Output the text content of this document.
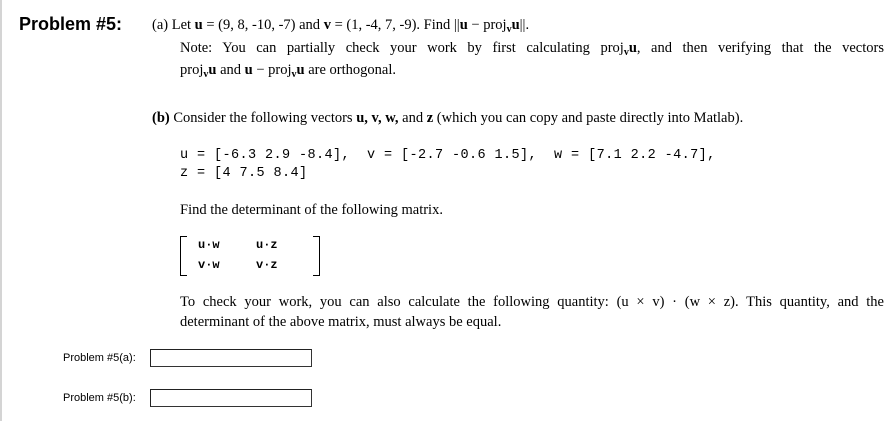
Problem #5: (a) Let u = (9, 8, -10, -7) and v = (1, -4, 7, -9). Find ||u − proj$_v$u||.
Note: You can partially check your work by first calculating proj$_v$u, and then verifying that the vectors
proj$_v$u and u − proj$_v$u are orthogonal.
(b) Consider the following vectors u, v, w, and z (which you can copy and paste directly into Matlab).
u = [-6.3 2.9 -8.4],  v = [-2.7 -0.6 1.5],  w = [7.1 2.2 -4.7],
z = [4 7.5 8.4]
Find the determinant of the following matrix.
u·w	u·z
v·w	v·z
To check your work, you can also calculate the following quantity: (u × v) · (w × z). This quantity, and the
determinant of the above matrix, must always be equal.
Problem #5(a):
Problem #5(b):
